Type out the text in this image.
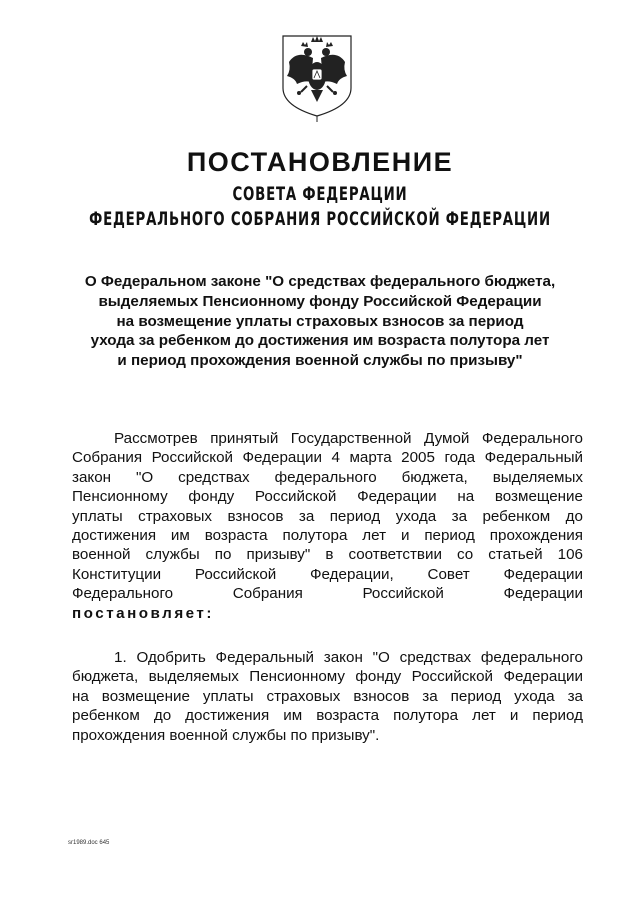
ПОСТАНОВЛЕНИЕ
СОВЕТА ФЕДЕРАЦИИ
ФЕДЕРАЛЬНОГО СОБРАНИЯ РОССИЙСКОЙ ФЕДЕРАЦИИ
О Федеральном законе "О средствах федерального бюджета,
выделяемых Пенсионному фонду Российской Федерации
на возмещение уплаты страховых взносов за период
ухода за ребенком до достижения им возраста полутора лет
и период прохождения военной службы по призыву"
Рассмотрев принятый Государственной Думой Федерального
Собрания Российской Федерации 4 марта 2005 года Федеральный
закон "О средствах федерального бюджета, выделяемых
Пенсионному фонду Российской Федерации на возмещение
уплаты страховых взносов за период ухода за ребенком до
достижения им возраста полутора лет и период прохождения
военной службы по призыву" в соответствии со статьей 106
Конституции Российской Федерации, Совет Федерации
Федерального Собрания Российской Федерации
постановляет:
1. Одобрить Федеральный закон "О средствах федерального
бюджета, выделяемых Пенсионному фонду Российской Федерации
на возмещение уплаты страховых взносов за период ухода за
ребенком до достижения им возраста полутора лет и период
прохождения военной службы по призыву".
sr1989.doc 645
